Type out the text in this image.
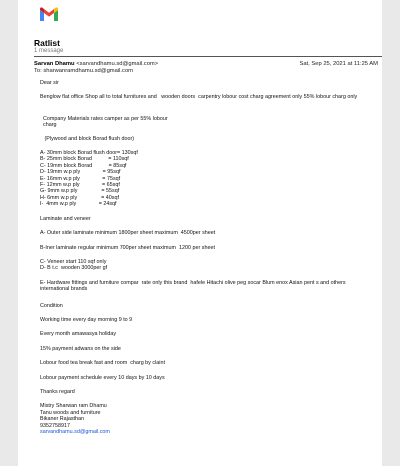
Ratlist
1 message
Sarvan Dhamu <sarvandhamu.sd@gmail.com>	Sat, Sep 25, 2021 at 11:25 AM
To: sharwanramdhamu.sd@gmail.com

Dear sir

Benglow flat office Shop all to total furnitures and   wooden doors  carpentry lobour cost charg agreement only 55% lobour charg only

Company Materials rates camper as per 55% lobour
charg

(Plywood and block Borad flush door)

A- 30mm block Borad flush door= 130sqf
B- 25mm block Borad           = 110sqf
C- 19mm block Borad           = 85sqf
D- 19mm w.p ply               = 95sqf
E- 16mm w.p ply               = 75sqf
F- 12mm w.p ply               = 65sqf
G- 9mm w.p ply                = 55sqf
H- 6mm w.p ply                = 40sqf
I-  4mm w.p ply               = 24sqf

Laminate and veneer

A- Outer side laminate minimum 1800per sheet maximum  4500per sheet

B-Iner laminate regular minimum 700per sheet maximum  1200 per sheet

C- Veneer start 110 sqf only
D- B t.c  wooden 3000per gf

E- Hardware fittings and furniture compar  rate only this brand  hafele Hitachi olive peg socar Blum enox Asian pent s and others international brands

Condition

Working time every day morning 9 to 9

Every month amawasya holiday

15% payment adwans on the side

Lobour food tea break fast and room  charg by claint

Lobour payment schedule every 10 days by 10 days

Thanks regard

Mistry Sharwan ram Dhamu
Tanu woods and furniture
Bikaner Rajasthan
9352758917

sarvandhamu.sd@gmail.com
